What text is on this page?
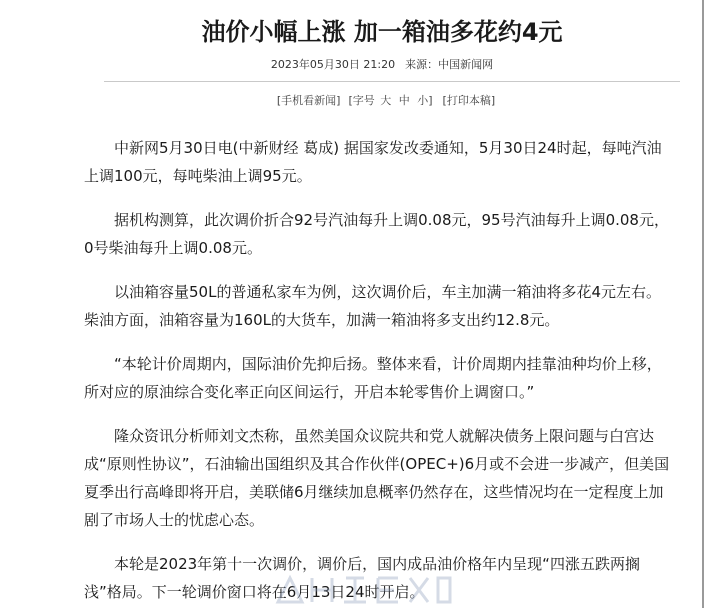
油价小幅上涨 加一箱油多花约4元
2023年05月30日 21:20 来源：中国新闻网
[手机看新闻] [字号 大 中 小] [打印本稿]

中新网5月30日电(中新财经 葛成) 据国家发改委通知，5月30日24时起，每吨汽油上调100元，每吨柴油上调95元。

据机构测算，此次调价折合92号汽油每升上调0.08元，95号汽油每升上调0.08元，0号柴油每升上调0.08元。

以油箱容量50L的普通私家车为例，这次调价后，车主加满一箱油将多花4元左右。柴油方面，油箱容量为160L的大货车，加满一箱油将多支出约12.8元。

“本轮计价周期内，国际油价先抑后扬。整体来看，计价周期内挂靠油种均价上移，所对应的原油综合变化率正向区间运行，开启本轮零售价上调窗口。”

隆众资讯分析师刘文杰称，虽然美国众议院共和党人就解决债务上限问题与白宫达成“原则性协议”，石油输出国组织及其合作伙伴(OPEC+)6月或不会进一步减产，但美国夏季出行高峰即将开启，美联储6月继续加息概率仍然存在，这些情况均在一定程度上加剧了市场人士的忧虑心态。

本轮是2023年第十一次调价，调价后，国内成品油价格年内呈现“四涨五跌两搁浅”格局。下一轮调价窗口将在6月13日24时开启。
